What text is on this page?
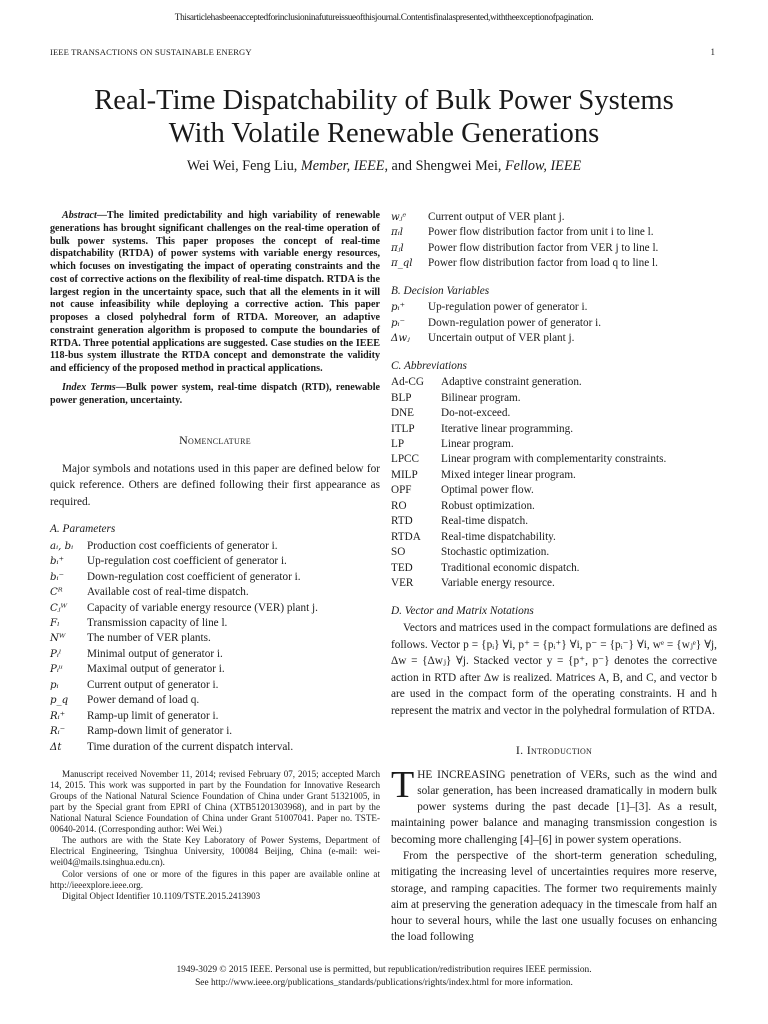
Thisarticlehasbeenacceptedforinclusioninafutureissueofthisjournal.Contentisfinalaspresented,withtheexceptionofpagination.
IEEE TRANSACTIONS ON SUSTAINABLE ENERGY	1
Real-Time Dispatchability of Bulk Power Systems
With Volatile Renewable Generations
Wei Wei, Feng Liu, Member, IEEE, and Shengwei Mei, Fellow, IEEE

Abstract—The limited predictability and high variability of renewable generations has brought significant challenges on the real-time operation of bulk power systems. This paper proposes the concept of real-time dispatchability (RTDA) of power systems with variable energy resources, which focuses on investigating the impact of operating constraints and the cost of corrective actions on the flexibility of real-time dispatch. RTDA is the largest region in the uncertainty space, such that all the elements in it will not cause infeasibility while deploying a corrective action. This paper proposes a closed polyhedral form of RTDA. Moreover, an adaptive constraint generation algorithm is proposed to compute the boundaries of RTDA. Three potential applications are suggested. Case studies on the IEEE 118-bus system illustrate the RTDA concept and demonstrate the validity and efficiency of the proposed method in practical applications.

Index Terms—Bulk power system, real-time dispatch (RTD), renewable power generation, uncertainty.

Nomenclature

Major symbols and notations used in this paper are defined below for quick reference. Others are defined following their first appearance as required.

A. Parameters
aᵢ, bᵢ	Production cost coefficients of generator i.
bᵢ⁺	Up-regulation cost coefficient of generator i.
bᵢ⁻	Down-regulation cost coefficient of generator i.
Cᴿ	Available cost of real-time dispatch.
Cⱼᵂ	Capacity of variable energy resource (VER) plant j.
Fₗ	Transmission capacity of line l.
Nᵂ	The number of VER plants.
Pᵢˡ	Minimal output of generator i.
Pᵢᵘ	Maximal output of generator i.
pᵢ	Current output of generator i.
p_q	Power demand of load q.
Rᵢ⁺	Ramp-up limit of generator i.
Rᵢ⁻	Ramp-down limit of generator i.
Δt	Time duration of the current dispatch interval.

Manuscript received November 11, 2014; revised February 07, 2015; accepted March 14, 2015. This work was supported in part by the Foundation for Innovative Research Groups of the National Natural Science Foundation of China under Grant 51321005, in part by the Special grant from EPRI of China (XTB51201303968), and in part by the National Natural Science Foundation of China under Grant 51007041. Paper no. TSTE-00640-2014. (Corresponding author: Wei Wei.)

The authors are with the State Key Laboratory of Power Systems, Department of Electrical Engineering, Tsinghua University, 100084 Beijing, China (e-mail: wei-wei04@mails.tsinghua.edu.cn).

Color versions of one or more of the figures in this paper are available online at http://ieeexplore.ieee.org.

Digital Object Identifier 10.1109/TSTE.2015.2413903

wⱼᵉ	Current output of VER plant j.
πᵢl	Power flow distribution factor from unit i to line l.
πⱼl	Power flow distribution factor from VER j to line l.
π_ql	Power flow distribution factor from load q to line l.
B. Decision Variables
pᵢ⁺	Up-regulation power of generator i.
pᵢ⁻	Down-regulation power of generator i.
Δwⱼ	Uncertain output of VER plant j.
C. Abbreviations
Ad-CG	Adaptive constraint generation.
BLP	Bilinear program.
DNE	Do-not-exceed.
ITLP	Iterative linear programming.
LP	Linear program.
LPCC	Linear program with complementarity constraints.
MILP	Mixed integer linear program.
OPF	Optimal power flow.
RO	Robust optimization.
RTD	Real-time dispatch.
RTDA	Real-time dispatchability.
SO	Stochastic optimization.
TED	Traditional economic dispatch.
VER	Variable energy resource.
D. Vector and Matrix Notations

Vectors and matrices used in the compact formulations are defined as follows. Vector p = {pᵢ} ∀i, p⁺ = {pᵢ⁺} ∀i, p⁻ = {pᵢ⁻} ∀i, wᵉ = {wⱼᵉ} ∀j, Δw = {Δwⱼ} ∀j. Stacked vector y = {p⁺, p⁻} denotes the corrective action in RTD after Δw is realized. Matrices A, B, and C, and vector b are used in the compact form of the operating constraints. H and h represent the matrix and vector in the polyhedral formulation of RTDA.

I. Introduction

THE INCREASING penetration of VERs, such as the wind and solar generation, has been increased dramatically in modern bulk power systems during the past decade [1]–[3]. As a result, maintaining power balance and managing transmission congestion is becoming more challenging [4]–[6] in power system operations.

From the perspective of the short-term generation scheduling, mitigating the increasing level of uncertainties requires more reserve, storage, and ramping capacities. The former two requirements mainly aim at preserving the generation adequacy in the timescale from half an hour to several hours, while the last one usually focuses on enhancing the load following

1949-3029 © 2015 IEEE. Personal use is permitted, but republication/redistribution requires IEEE permission.
See http://www.ieee.org/publications_standards/publications/rights/index.html for more information.
